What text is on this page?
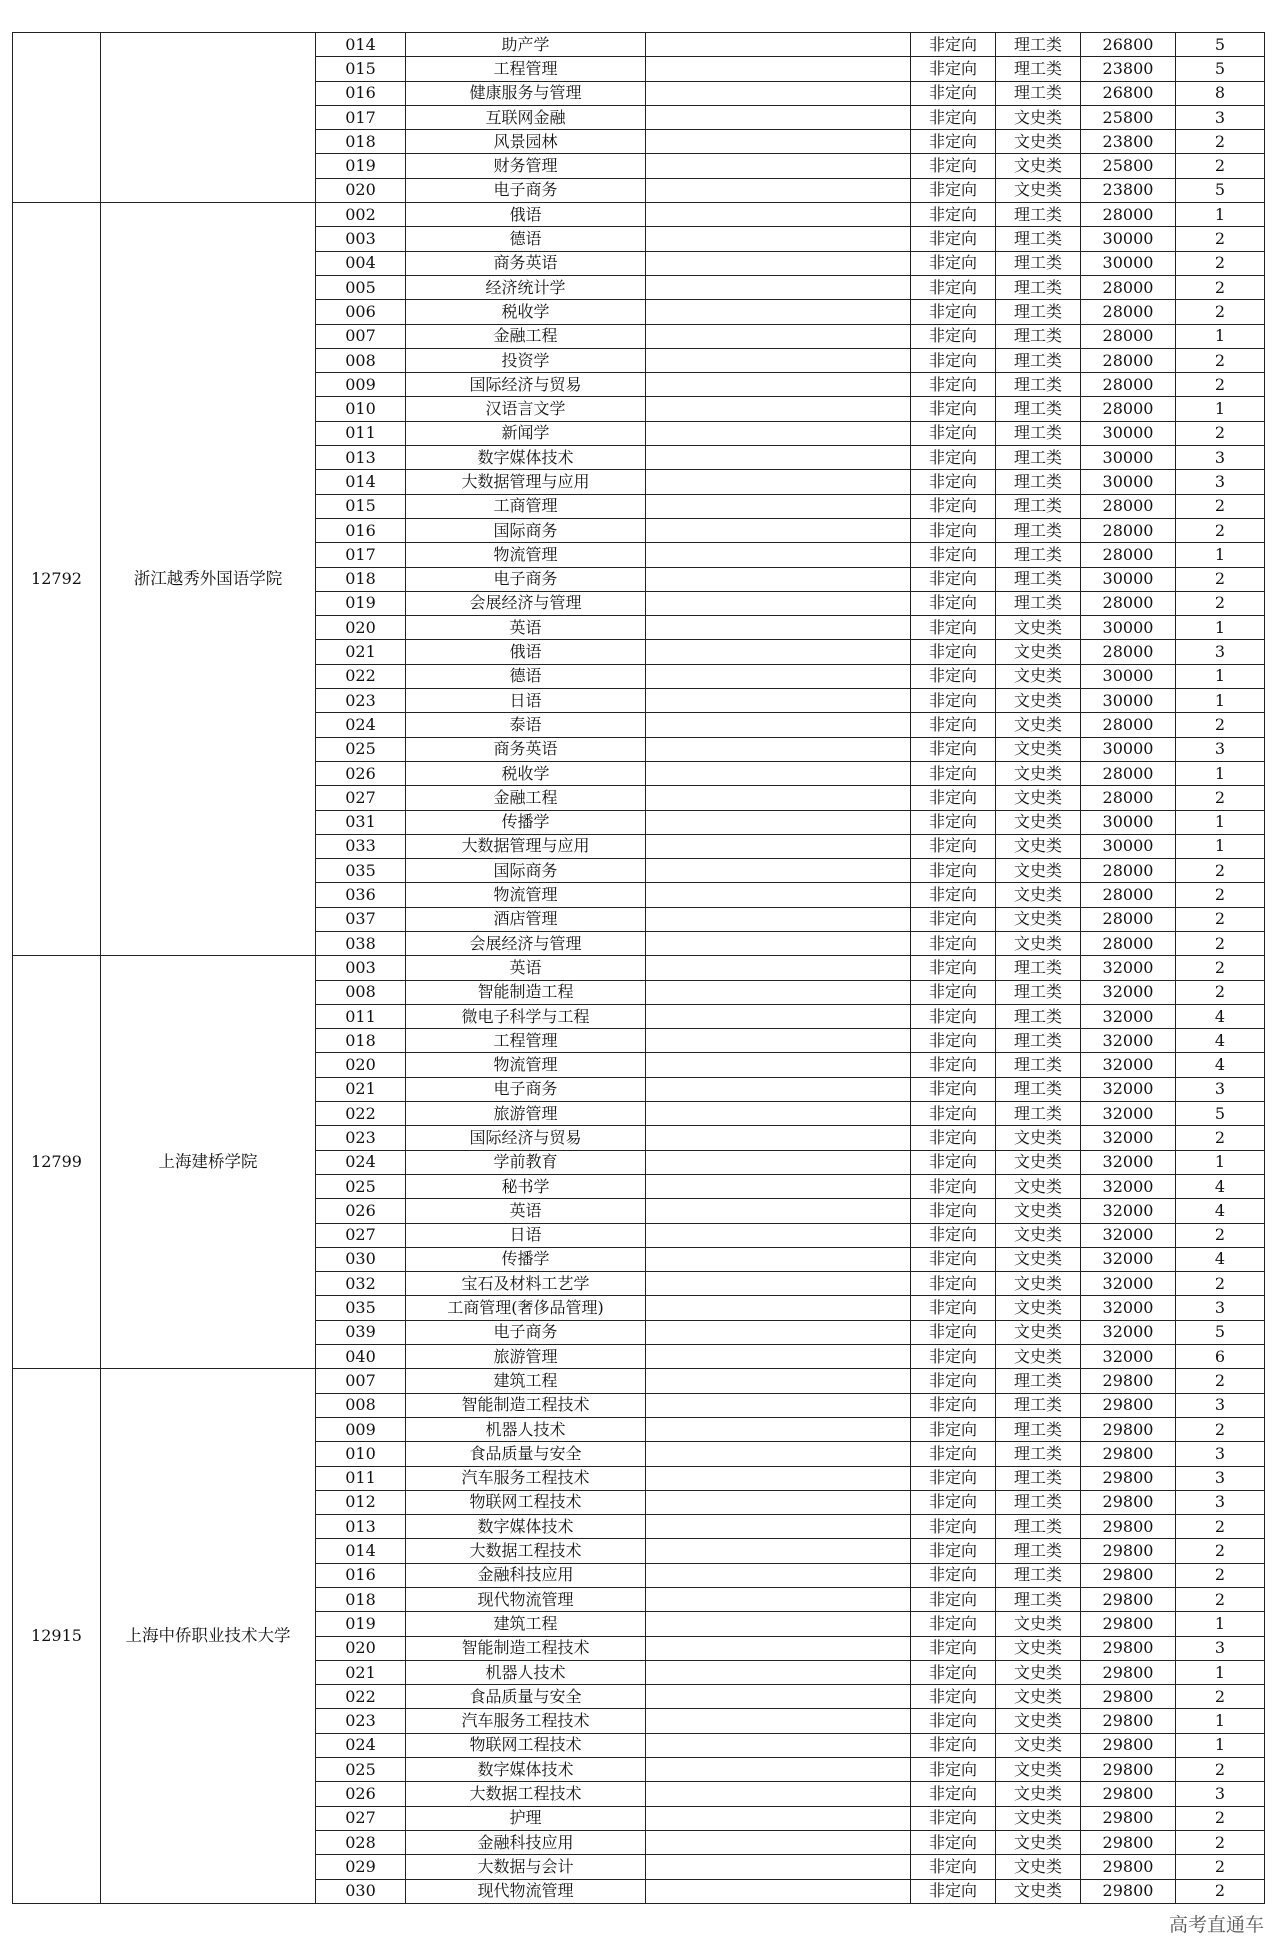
		014	助产学		非定向	理工类	26800	5
		015	工程管理		非定向	理工类	23800	5
		016	健康服务与管理		非定向	理工类	26800	8
		017	互联网金融		非定向	文史类	25800	3
		018	风景园林		非定向	文史类	23800	2
		019	财务管理		非定向	文史类	25800	2
		020	电子商务		非定向	文史类	23800	5
12792	浙江越秀外国语学院	002	俄语		非定向	理工类	28000	1
		003	德语		非定向	理工类	30000	2
		004	商务英语		非定向	理工类	30000	2
		005	经济统计学		非定向	理工类	28000	2
		006	税收学		非定向	理工类	28000	2
		007	金融工程		非定向	理工类	28000	1
		008	投资学		非定向	理工类	28000	2
		009	国际经济与贸易		非定向	理工类	28000	2
		010	汉语言文学		非定向	理工类	28000	1
		011	新闻学		非定向	理工类	30000	2
		013	数字媒体技术		非定向	理工类	30000	3
		014	大数据管理与应用		非定向	理工类	30000	3
		015	工商管理		非定向	理工类	28000	2
		016	国际商务		非定向	理工类	28000	2
		017	物流管理		非定向	理工类	28000	1
		018	电子商务		非定向	理工类	30000	2
		019	会展经济与管理		非定向	理工类	28000	2
		020	英语		非定向	文史类	30000	1
		021	俄语		非定向	文史类	28000	3
		022	德语		非定向	文史类	30000	1
		023	日语		非定向	文史类	30000	1
		024	泰语		非定向	文史类	28000	2
		025	商务英语		非定向	文史类	30000	3
		026	税收学		非定向	文史类	28000	1
		027	金融工程		非定向	文史类	28000	2
		031	传播学		非定向	文史类	30000	1
		033	大数据管理与应用		非定向	文史类	30000	1
		035	国际商务		非定向	文史类	28000	2
		036	物流管理		非定向	文史类	28000	2
		037	酒店管理		非定向	文史类	28000	2
		038	会展经济与管理		非定向	文史类	28000	2
12799	上海建桥学院	003	英语		非定向	理工类	32000	2
		008	智能制造工程		非定向	理工类	32000	2
		011	微电子科学与工程		非定向	理工类	32000	4
		018	工程管理		非定向	理工类	32000	4
		020	物流管理		非定向	理工类	32000	4
		021	电子商务		非定向	理工类	32000	3
		022	旅游管理		非定向	理工类	32000	5
		023	国际经济与贸易		非定向	文史类	32000	2
		024	学前教育		非定向	文史类	32000	1
		025	秘书学		非定向	文史类	32000	4
		026	英语		非定向	文史类	32000	4
		027	日语		非定向	文史类	32000	2
		030	传播学		非定向	文史类	32000	4
		032	宝石及材料工艺学		非定向	文史类	32000	2
		035	工商管理(奢侈品管理)		非定向	文史类	32000	3
		039	电子商务		非定向	文史类	32000	5
		040	旅游管理		非定向	文史类	32000	6
12915	上海中侨职业技术大学	007	建筑工程		非定向	理工类	29800	2
		008	智能制造工程技术		非定向	理工类	29800	3
		009	机器人技术		非定向	理工类	29800	2
		010	食品质量与安全		非定向	理工类	29800	3
		011	汽车服务工程技术		非定向	理工类	29800	3
		012	物联网工程技术		非定向	理工类	29800	3
		013	数字媒体技术		非定向	理工类	29800	2
		014	大数据工程技术		非定向	理工类	29800	2
		016	金融科技应用		非定向	理工类	29800	2
		018	现代物流管理		非定向	理工类	29800	2
		019	建筑工程		非定向	文史类	29800	1
		020	智能制造工程技术		非定向	文史类	29800	3
		021	机器人技术		非定向	文史类	29800	1
		022	食品质量与安全		非定向	文史类	29800	2
		023	汽车服务工程技术		非定向	文史类	29800	1
		024	物联网工程技术		非定向	文史类	29800	1
		025	数字媒体技术		非定向	文史类	29800	2
		026	大数据工程技术		非定向	文史类	29800	3
		027	护理		非定向	文史类	29800	2
		028	金融科技应用		非定向	文史类	29800	2
		029	大数据与会计		非定向	文史类	29800	2
		030	现代物流管理		非定向	文史类	29800	2
高考直通车
